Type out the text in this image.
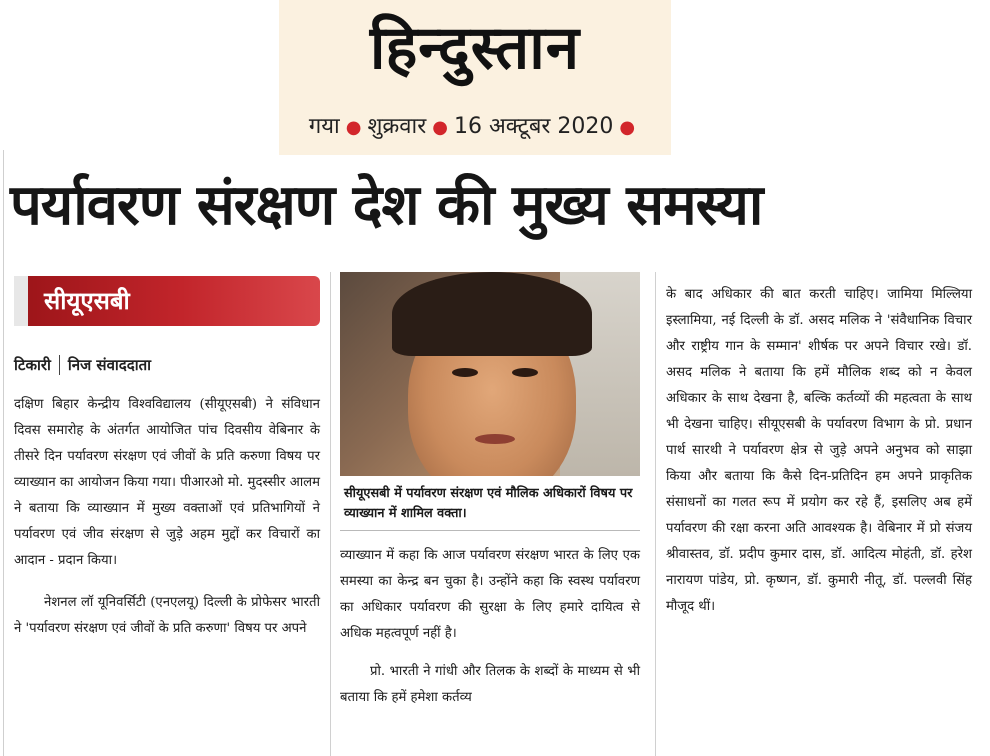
हिन्दुस्तान
गया ● शुक्रवार ● 16 अक्टूबर 2020 ●
पर्यावरण संरक्षण देश की मुख्य समस्या
सीयूएसबी
टिकारी निज संवाददाता

दक्षिण बिहार केन्द्रीय विश्वविद्यालय (सीयूएसबी) ने संविधान दिवस समारोह के अंतर्गत आयोजित पांच दिवसीय वेबिनार के तीसरे दिन पर्यावरण संरक्षण एवं जीवों के प्रति करुणा विषय पर व्याख्यान का आयोजन किया गया। पीआरओ मो. मुदस्सीर आलम ने बताया कि व्याख्यान में मुख्य वक्ताओं एवं प्रतिभागियों ने पर्यावरण एवं जीव संरक्षण से जुड़े अहम मुद्दों कर विचारों का आदान - प्रदान किया।

नेशनल लॉ यूनिवर्सिटी (एनएलयू) दिल्ली के प्रोफेसर भारती ने 'पर्यावरण संरक्षण एवं जीवों के प्रति करुणा' विषय पर अपने

सीयूएसबी में पर्यावरण संरक्षण एवं मौलिक अधिकारों विषय पर व्याख्यान में शामिल वक्ता।

व्याख्यान में कहा कि आज पर्यावरण संरक्षण भारत के लिए एक समस्या का केन्द्र बन चुका है। उन्होंने कहा कि स्वस्थ पर्यावरण का अधिकार पर्यावरण की सुरक्षा के लिए हमारे दायित्व से अधिक महत्वपूर्ण नहीं है।

प्रो. भारती ने गांधी और तिलक के शब्दों के माध्यम से भी बताया कि हमें हमेशा कर्तव्य

के बाद अधिकार की बात करती चाहिए। जामिया मिल्लिया इस्लामिया, नई दिल्ली के डॉ. असद मलिक ने 'संवैधानिक विचार और राष्ट्रीय गान के सम्मान' शीर्षक पर अपने विचार रखे। डॉ. असद मलिक ने बताया कि हमें मौलिक शब्द को न केवल अधिकार के साथ देखना है, बल्कि कर्तव्यों की महत्वता के साथ भी देखना चाहिए। सीयूएसबी के पर्यावरण विभाग के प्रो. प्रधान पार्थ सारथी ने पर्यावरण क्षेत्र से जुड़े अपने अनुभव को साझा किया और बताया कि कैसे दिन-प्रतिदिन हम अपने प्राकृतिक संसाधनों का गलत रूप में प्रयोग कर रहे हैं, इसलिए अब हमें पर्यावरण की रक्षा करना अति आवश्यक है। वेबिनार में प्रो संजय श्रीवास्तव, डॉ. प्रदीप कुमार दास, डॉ. आदित्य मोहंती, डॉ. हरेश नारायण पांडेय, प्रो. कृष्णन, डॉ. कुमारी नीतू, डॉ. पल्लवी सिंह मौजूद थीं।
